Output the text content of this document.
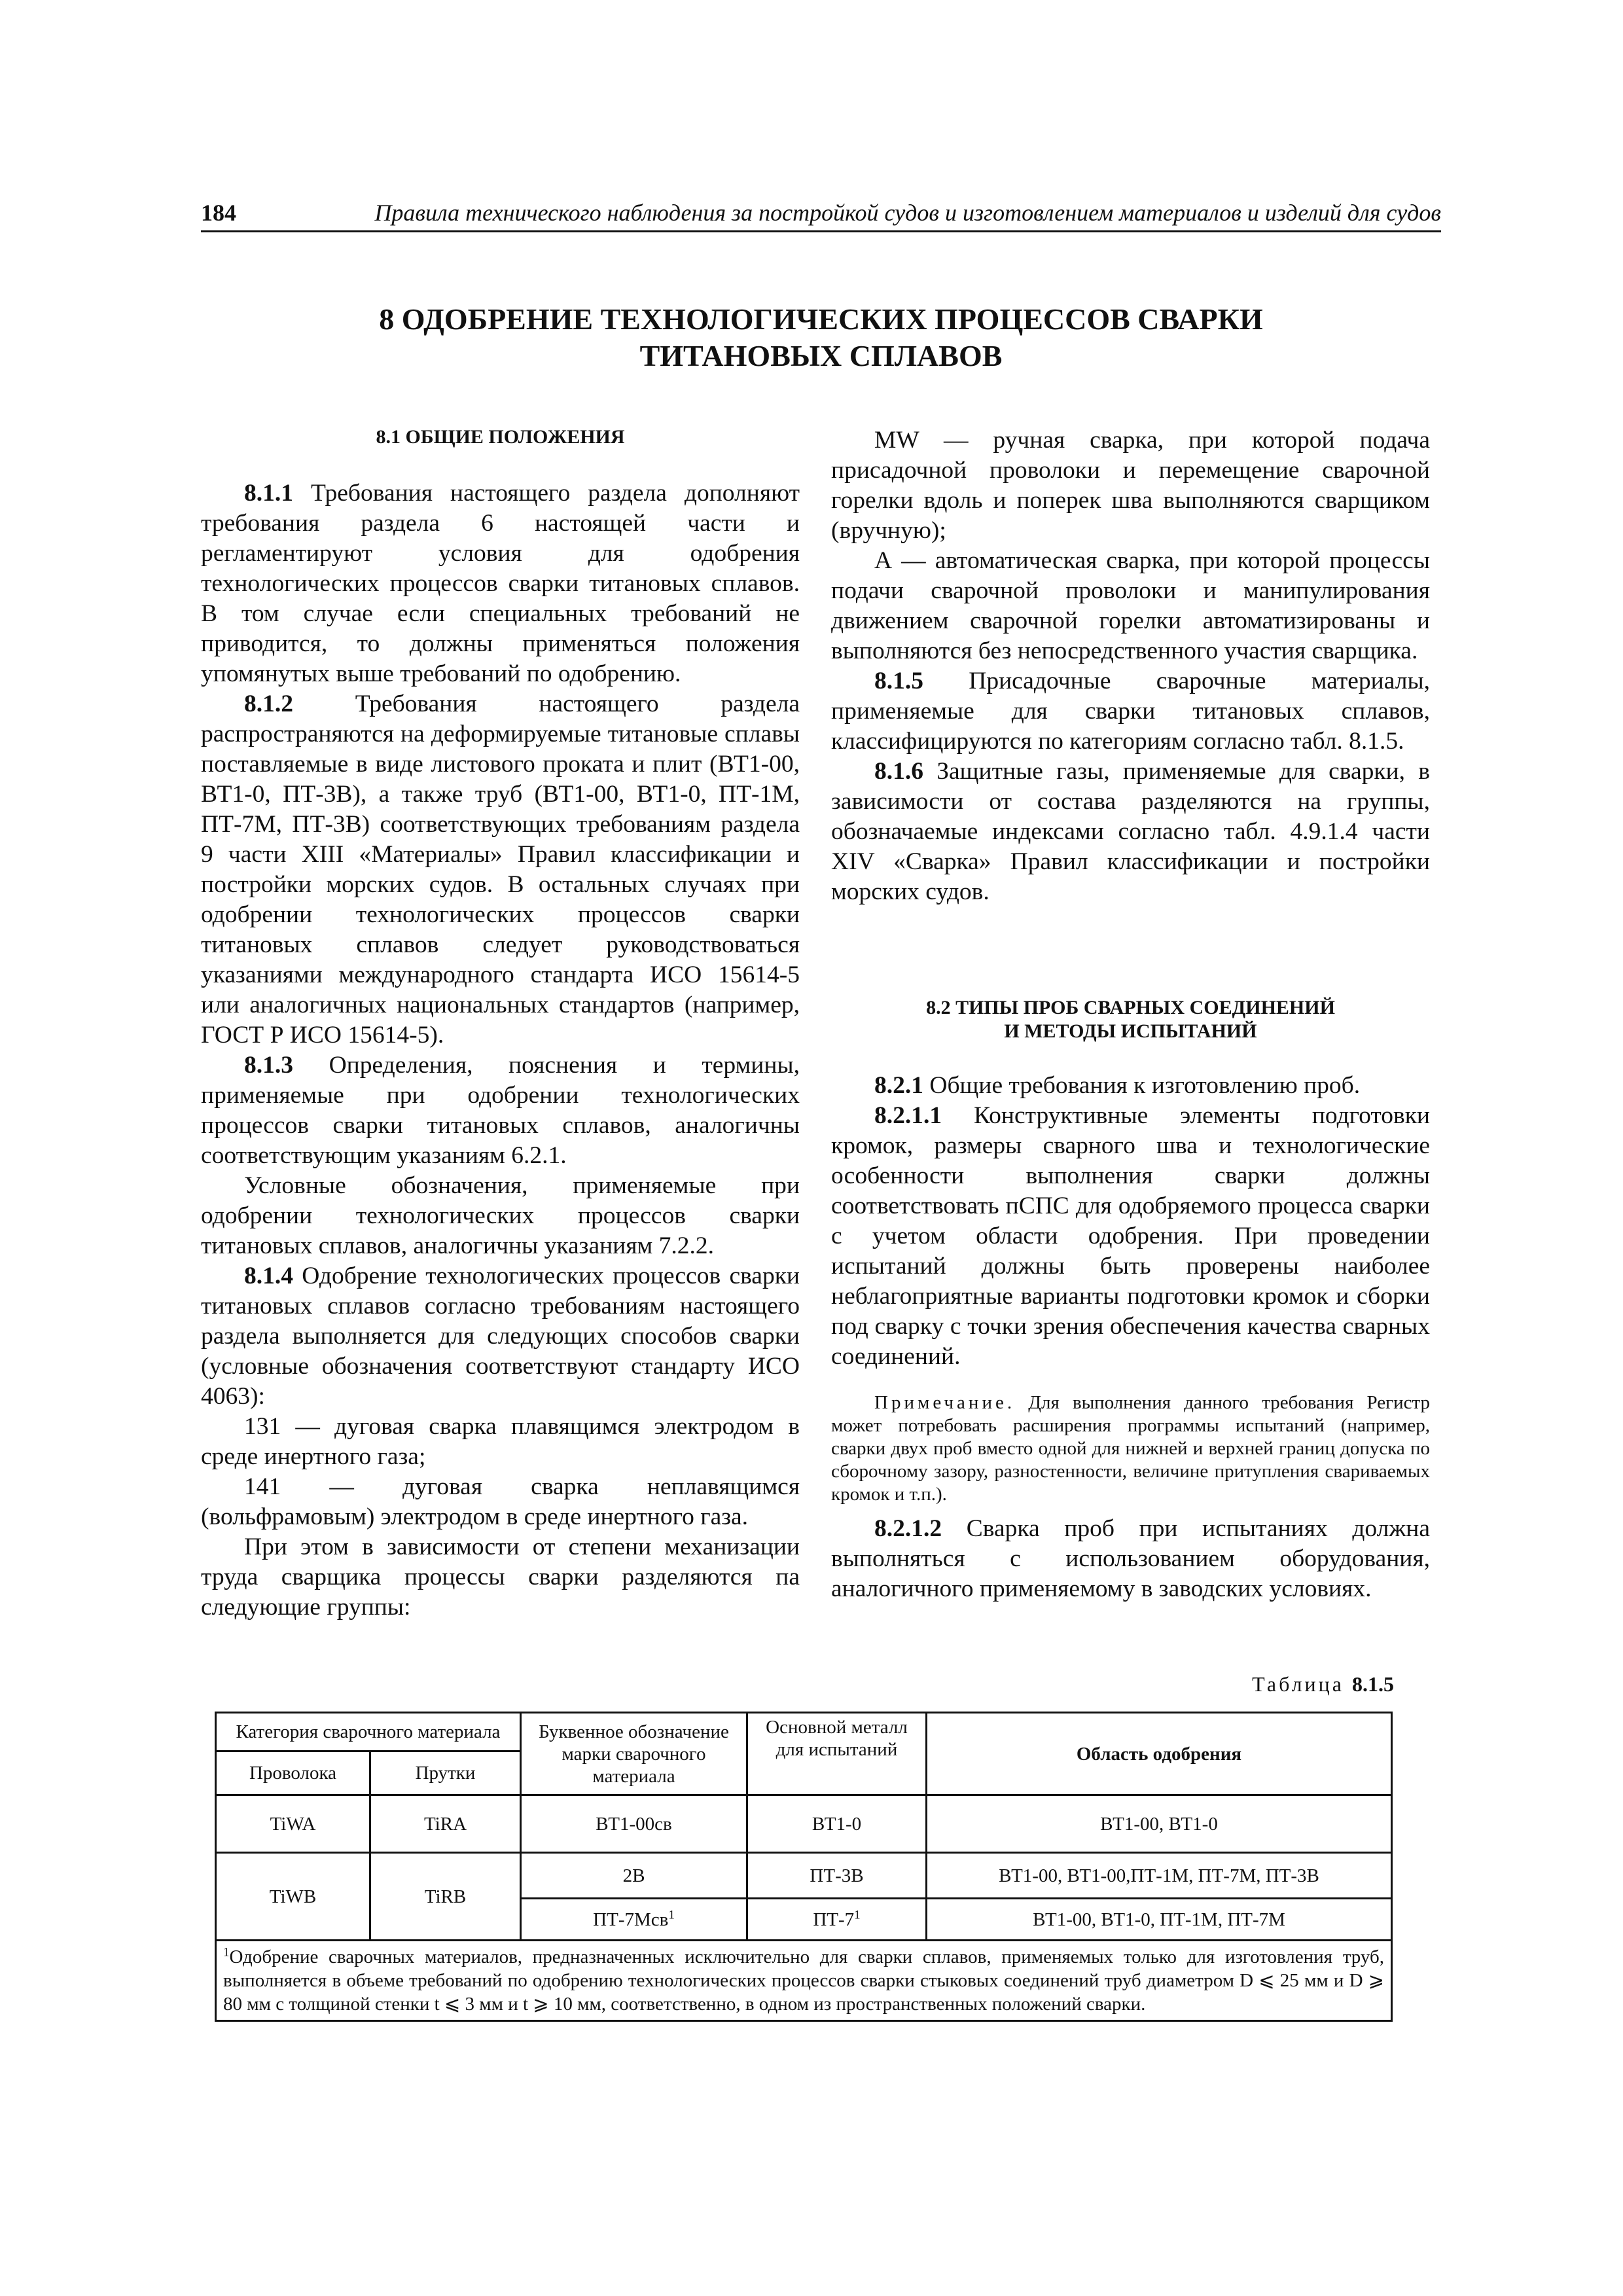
184	Правила технического наблюдения за постройкой судов и изготовлением материалов и изделий для судов
8 ОДОБРЕНИЕ ТЕХНОЛОГИЧЕСКИХ ПРОЦЕССОВ СВАРКИ
ТИТАНОВЫХ СПЛАВОВ
8.1 ОБЩИЕ ПОЛОЖЕНИЯ

8.1.1 Требования настоящего раздела дополняют требования раздела 6 настоящей части и регламентируют условия для одобрения технологических процессов сварки титановых сплавов. В том случае если специальных требований не приводится, то должны применяться положения упомянутых выше требований по одобрению.

8.1.2	Требования настоящего раздела распространяются на деформируемые титановые сплавы поставляемые в виде листового проката и плит (ВТ1-00, ВТ1-0, ПТ-3В), а также труб (ВТ1-00, ВТ1-0, ПТ-1М, ПТ-7М, ПТ-3В) соответствующих требованиям раздела 9 части XIII «Материалы» Правил классификации и постройки морских судов. В остальных случаях при одобрении технологических процессов сварки титановых сплавов следует руководствоваться указаниями международного стандарта ИСО 15614-5 или аналогичных национальных стандартов (например, ГОСТ Р ИСО 15614-5).

8.1.3 Определения, пояснения и термины, применяемые при одобрении технологических процессов сварки титановых сплавов, аналогичны соответствующим указаниям 6.2.1.

Условные обозначения, применяемые при одобрении технологических процессов сварки титановых сплавов, аналогичны указаниям 7.2.2.

8.1.4 Одобрение технологических процессов сварки титановых сплавов согласно требованиям настоящего раздела выполняется для следующих способов сварки (условные обозначения соответствуют стандарту ИСО 4063):

131 — дуговая сварка плавящимся электродом в среде инертного газа;

141 — дуговая сварка неплавящимся (вольфрамовым) электродом в среде инертного газа.

При этом в зависимости от степени механизации труда сварщика процессы сварки разделяются па следующие группы:

MW — ручная сварка, при которой подача присадочной проволоки и перемещение сварочной горелки вдоль и поперек шва выполняются сварщиком (вручную);

А — автоматическая сварка, при которой процессы подачи сварочной проволоки и манипулирования движением сварочной горелки автоматизированы и выполняются без непосредственного участия сварщика.

8.1.5 Присадочные сварочные материалы, применяемые для сварки титановых сплавов, классифицируются по категориям согласно табл. 8.1.5.

8.1.6 Защитные газы, применяемые для сварки, в зависимости от состава разделяются на группы, обозначаемые индексами согласно табл. 4.9.1.4 части XIV «Сварка» Правил классификации и постройки морских судов.

8.2 ТИПЫ ПРОБ СВАРНЫХ СОЕДИНЕНИЙ
И МЕТОДЫ ИСПЫТАНИЙ

8.2.1 Общие требования к изготовлению проб.

8.2.1.1 Конструктивные элементы подготовки кромок, размеры сварного шва и технологические особенности выполнения сварки должны соответствовать пСПС для одобряемого процесса сварки с учетом области одобрения. При проведении испытаний должны быть проверены наиболее неблагоприятные варианты подготовки кромок и сборки под сварку с точки зрения обеспечения качества сварных соединений.

Примечание. Для выполнения данного требования Регистр может потребовать расширения программы испытаний (например, сварки двух проб вместо одной для нижней и верхней границ допуска по сборочному зазору, разностенности, величине притупления свариваемых кромок и т.п.).

8.2.1.2 Сварка проб при испытаниях должна выполняться с использованием оборудования, аналогичного применяемому в заводских условиях.

Таблица 8.1.5
Категория сварочного материала		Буквенное обозначение марки сварочного материала	Основной металл для испытаний	Область одобрения
Проволока	Прутки			
TiWA	TiRA	ВТ1-00св	ВТ1-0	ВТ1-00, ВТ1-0
TiWB	TiRB	2В	ПТ-3В	ВТ1-00, ВТ1-00,ПТ-1М, ПТ-7М, ПТ-3В
		ПТ-7Мсв$^1$	$ПТ-7^1$	ВТ1-00, ВТ1-0, ПТ-1М, ПТ-7М
$^1$Одобрение сварочных материалов, предназначенных исключительно для сварки сплавов, применяемых только для изготовления труб, выполняется в объеме требований по одобрению технологических процессов сварки стыковых соединений труб диаметром D ⩽ 25 мм и D ⩾ 80 мм с толщиной стенки t ⩽ 3 мм и t ⩾ 10 мм, соответственно, в одном из пространственных положений сварки.				
